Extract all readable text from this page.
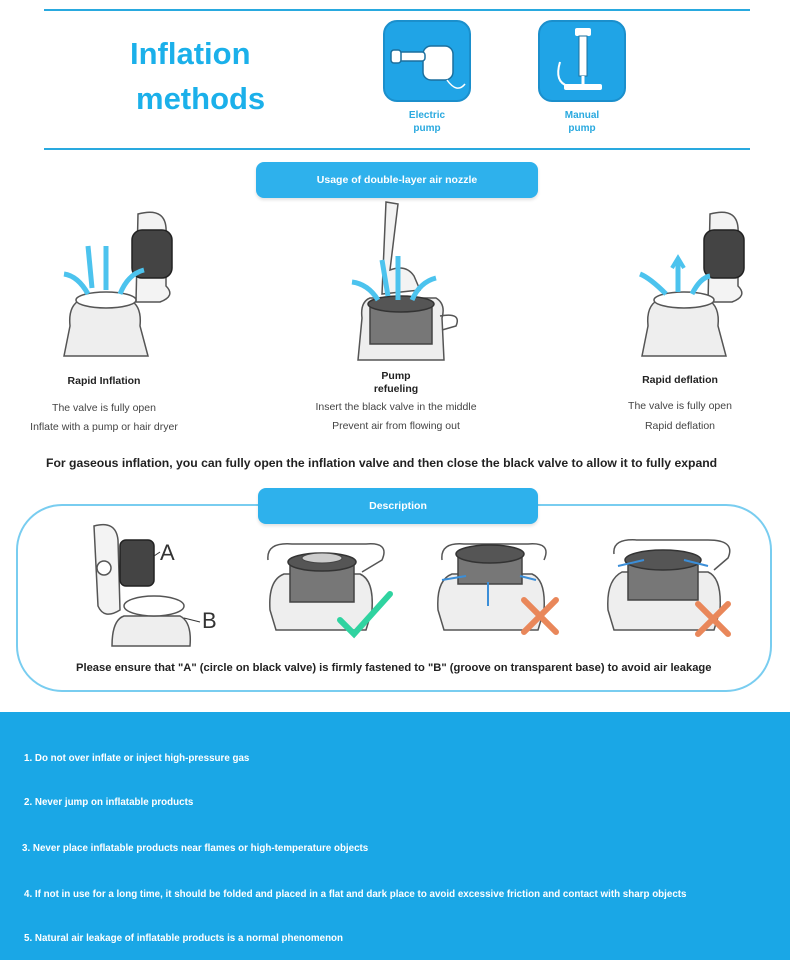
Inflation
methods	Electric
pump
Manual
pump
Usage of double-layer air nozzle
Rapid Inflation
The valve is fully open
Inflate with a pump or hair dryer
Pump
refueling
Insert the black valve in the middle
Prevent air from flowing out
Rapid deflation
The valve is fully open
Rapid deflation
For gaseous inflation, you can fully open the inflation valve and then close the black valve to allow it to fully expand
Description
A
B
Please ensure that "A" (circle on black valve) is firmly fastened to "B" (groove on transparent base) to avoid air leakage
1. Do not over inflate or inject high-pressure gas
2. Never jump on inflatable products
3. Never place inflatable products near flames or high-temperature objects
4. If not in use for a long time, it should be folded and placed in a flat and dark place to avoid excessive friction and contact with sharp objects
5. Natural air leakage of inflatable products is a normal phenomenon
